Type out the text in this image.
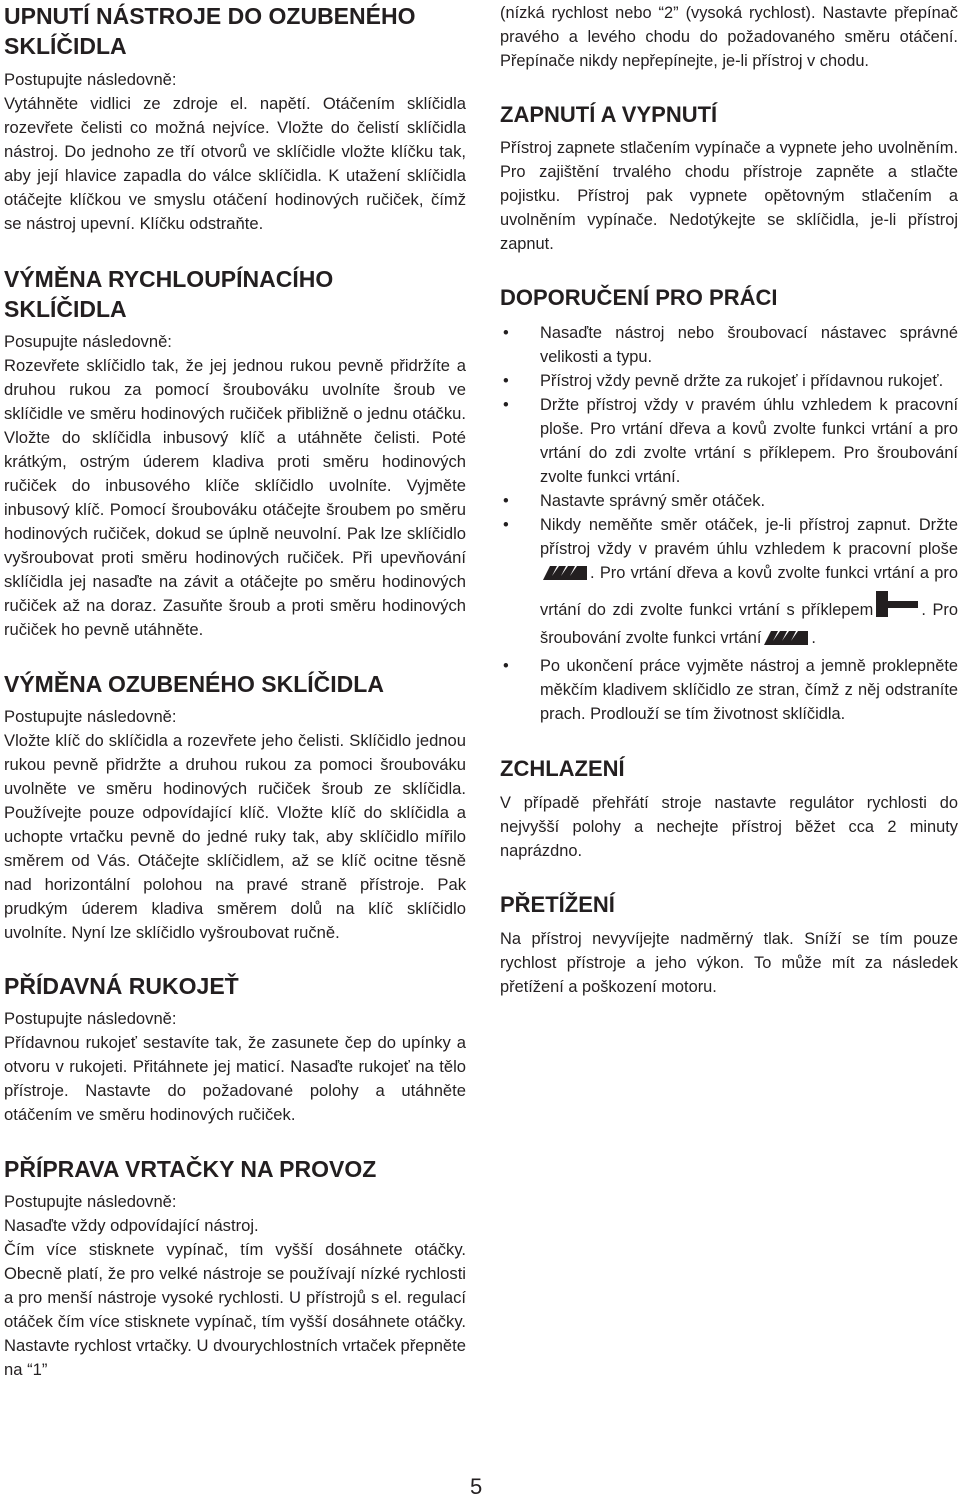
UPNUTÍ NÁSTROJE DO OZUBENÉHO
SKLÍČIDLA

Postupujte následovně:

Vytáhněte vidlici ze zdroje el. napětí. Otáčením sklíčidla rozevřete čelisti co možná nejvíce. Vložte do čelistí sklíčidla nástroj. Do jednoho ze tří otvorů ve sklíčidle vložte klíčku tak, aby její hlavice zapadla do válce sklíčidla. K utažení sklíčidla otáčejte klíčkou ve smyslu otáčení hodinových ručiček, čímž se nástroj upevní. Klíčku odstraňte.

VÝMĚNA RYCHLOUPÍNACÍHO
SKLÍČIDLA

Posupujte následovně:

Rozevřete sklíčidlo tak, že jej jednou rukou pevně přidržíte a druhou rukou za pomocí šroubováku uvolníte šroub ve sklíčidle ve směru hodinových ručiček přibližně o jednu otáčku. Vložte do sklíčidla inbusový klíč a utáhněte čelisti. Poté krátkým, ostrým úderem kladiva proti směru hodinových ručiček do inbusového klíče sklíčidlo uvolníte. Vyjměte inbusový klíč. Pomocí šroubováku otáčejte šroubem po směru hodinových ručiček, dokud se úplně neuvolní. Pak lze sklíčidlo vyšroubovat proti směru hodinových ručiček. Při upevňování sklíčidla jej nasaďte na závit a otáčejte po směru hodinových ručiček až na doraz. Zasuňte šroub a proti směru hodinových ručiček ho pevně utáhněte.

VÝMĚNA OZUBENÉHO SKLÍČIDLA

Postupujte následovně:

Vložte klíč do sklíčidla a rozevřete jeho čelisti. Sklíčidlo jednou rukou pevně přidržte a druhou rukou za pomoci šroubováku uvolněte ve směru hodinových ručiček šroub ze sklíčidla. Používejte pouze odpovídající klíč. Vložte klíč do sklíčidla a uchopte vrtačku pevně do jedné ruky tak, aby sklíčidlo mířilo směrem od Vás. Otáčejte sklíčidlem, až se klíč ocitne těsně nad horizontální polohou na pravé straně přístroje. Pak prudkým úderem kladiva směrem dolů na klíč sklíčidlo uvolníte. Nyní lze sklíčidlo vyšroubovat ručně.

PŘÍDAVNÁ RUKOJEŤ

Postupujte následovně:

Přídavnou rukojeť sestavíte tak, že zasunete čep do upínky a otvoru v rukojeti. Přitáhnete jej maticí. Nasaďte rukojeť na tělo přístroje. Nastavte do požadované polohy a utáhněte otáčením ve směru hodinových ručiček.

PŘÍPRAVA VRTAČKY NA PROVOZ

Postupujte následovně:

Nasaďte vždy odpovídající nástroj.

Čím více stisknete vypínač, tím vyšší dosáhnete otáčky. Obecně platí, že pro velké nástroje se používají nízké rychlosti a pro menší nástroje vysoké rychlosti. U přístrojů s el. regulací otáček čím více stisknete vypínač, tím vyšší dosáhnete otáčky. Nastavte rychlost vrtačky. U dvourychlostních vrtaček přepněte na “1”

(nízká rychlost nebo “2” (vysoká rychlost). Nastavte přepínač pravého a levého chodu do požadovaného směru otáčení. Přepínače nikdy nepřepínejte, je-li přístroj v chodu.

ZAPNUTÍ A VYPNUTÍ

Přístroj zapnete stlačením vypínače a vypnete jeho uvolněním. Pro zajištění trvalého chodu přístroje zapněte a stlačte pojistku. Přístroj pak vypnete opětovným stlačením a uvolněním vypínače. Nedotýkejte se sklíčidla, je-li přístroj zapnut.

DOPORUČENÍ PRO PRÁCI
• Nasaďte nástroj nebo šroubovací nástavec správné velikosti a typu.
• Přístroj vždy pevně držte za rukojeť i přídavnou rukojeť.
• Držte přístroj vždy v pravém úhlu vzhledem k pracovní ploše. Pro vrtání dřeva a kovů zvolte funkci vrtání a pro vrtání do zdi zvolte vrtání s příklepem. Pro šroubování zvolte funkci vrtání.
• Nastavte správný směr otáček.
• Nikdy neměňte směr otáček, je-li přístroj zapnut. Držte přístroj vždy v pravém úhlu vzhledem k pracovní ploše. Pro vrtání dřeva a kovů zvolte funkci vrtání a pro vrtání do zdi zvolte funkci vrtání s příklepem	. Pro šroubování zvolte funkci vrtání	.
• Po ukončení práce vyjměte nástroj a jemně proklepněte měkčím kladivem sklíčidlo ze stran, čímž z něj odstraníte prach. Prodlouží se tím životnost sklíčidla.
ZCHLAZENÍ

V případě přehřátí stroje nastavte regulátor rychlosti do nejvyšší polohy a nechejte přístroj běžet cca 2 minuty naprázdno.

PŘETÍŽENÍ

Na přístroj nevyvíjejte nadměrný tlak. Sníží se tím pouze rychlost přístroje a jeho výkon. To může mít za následek přetížení a poškození motoru.

5
